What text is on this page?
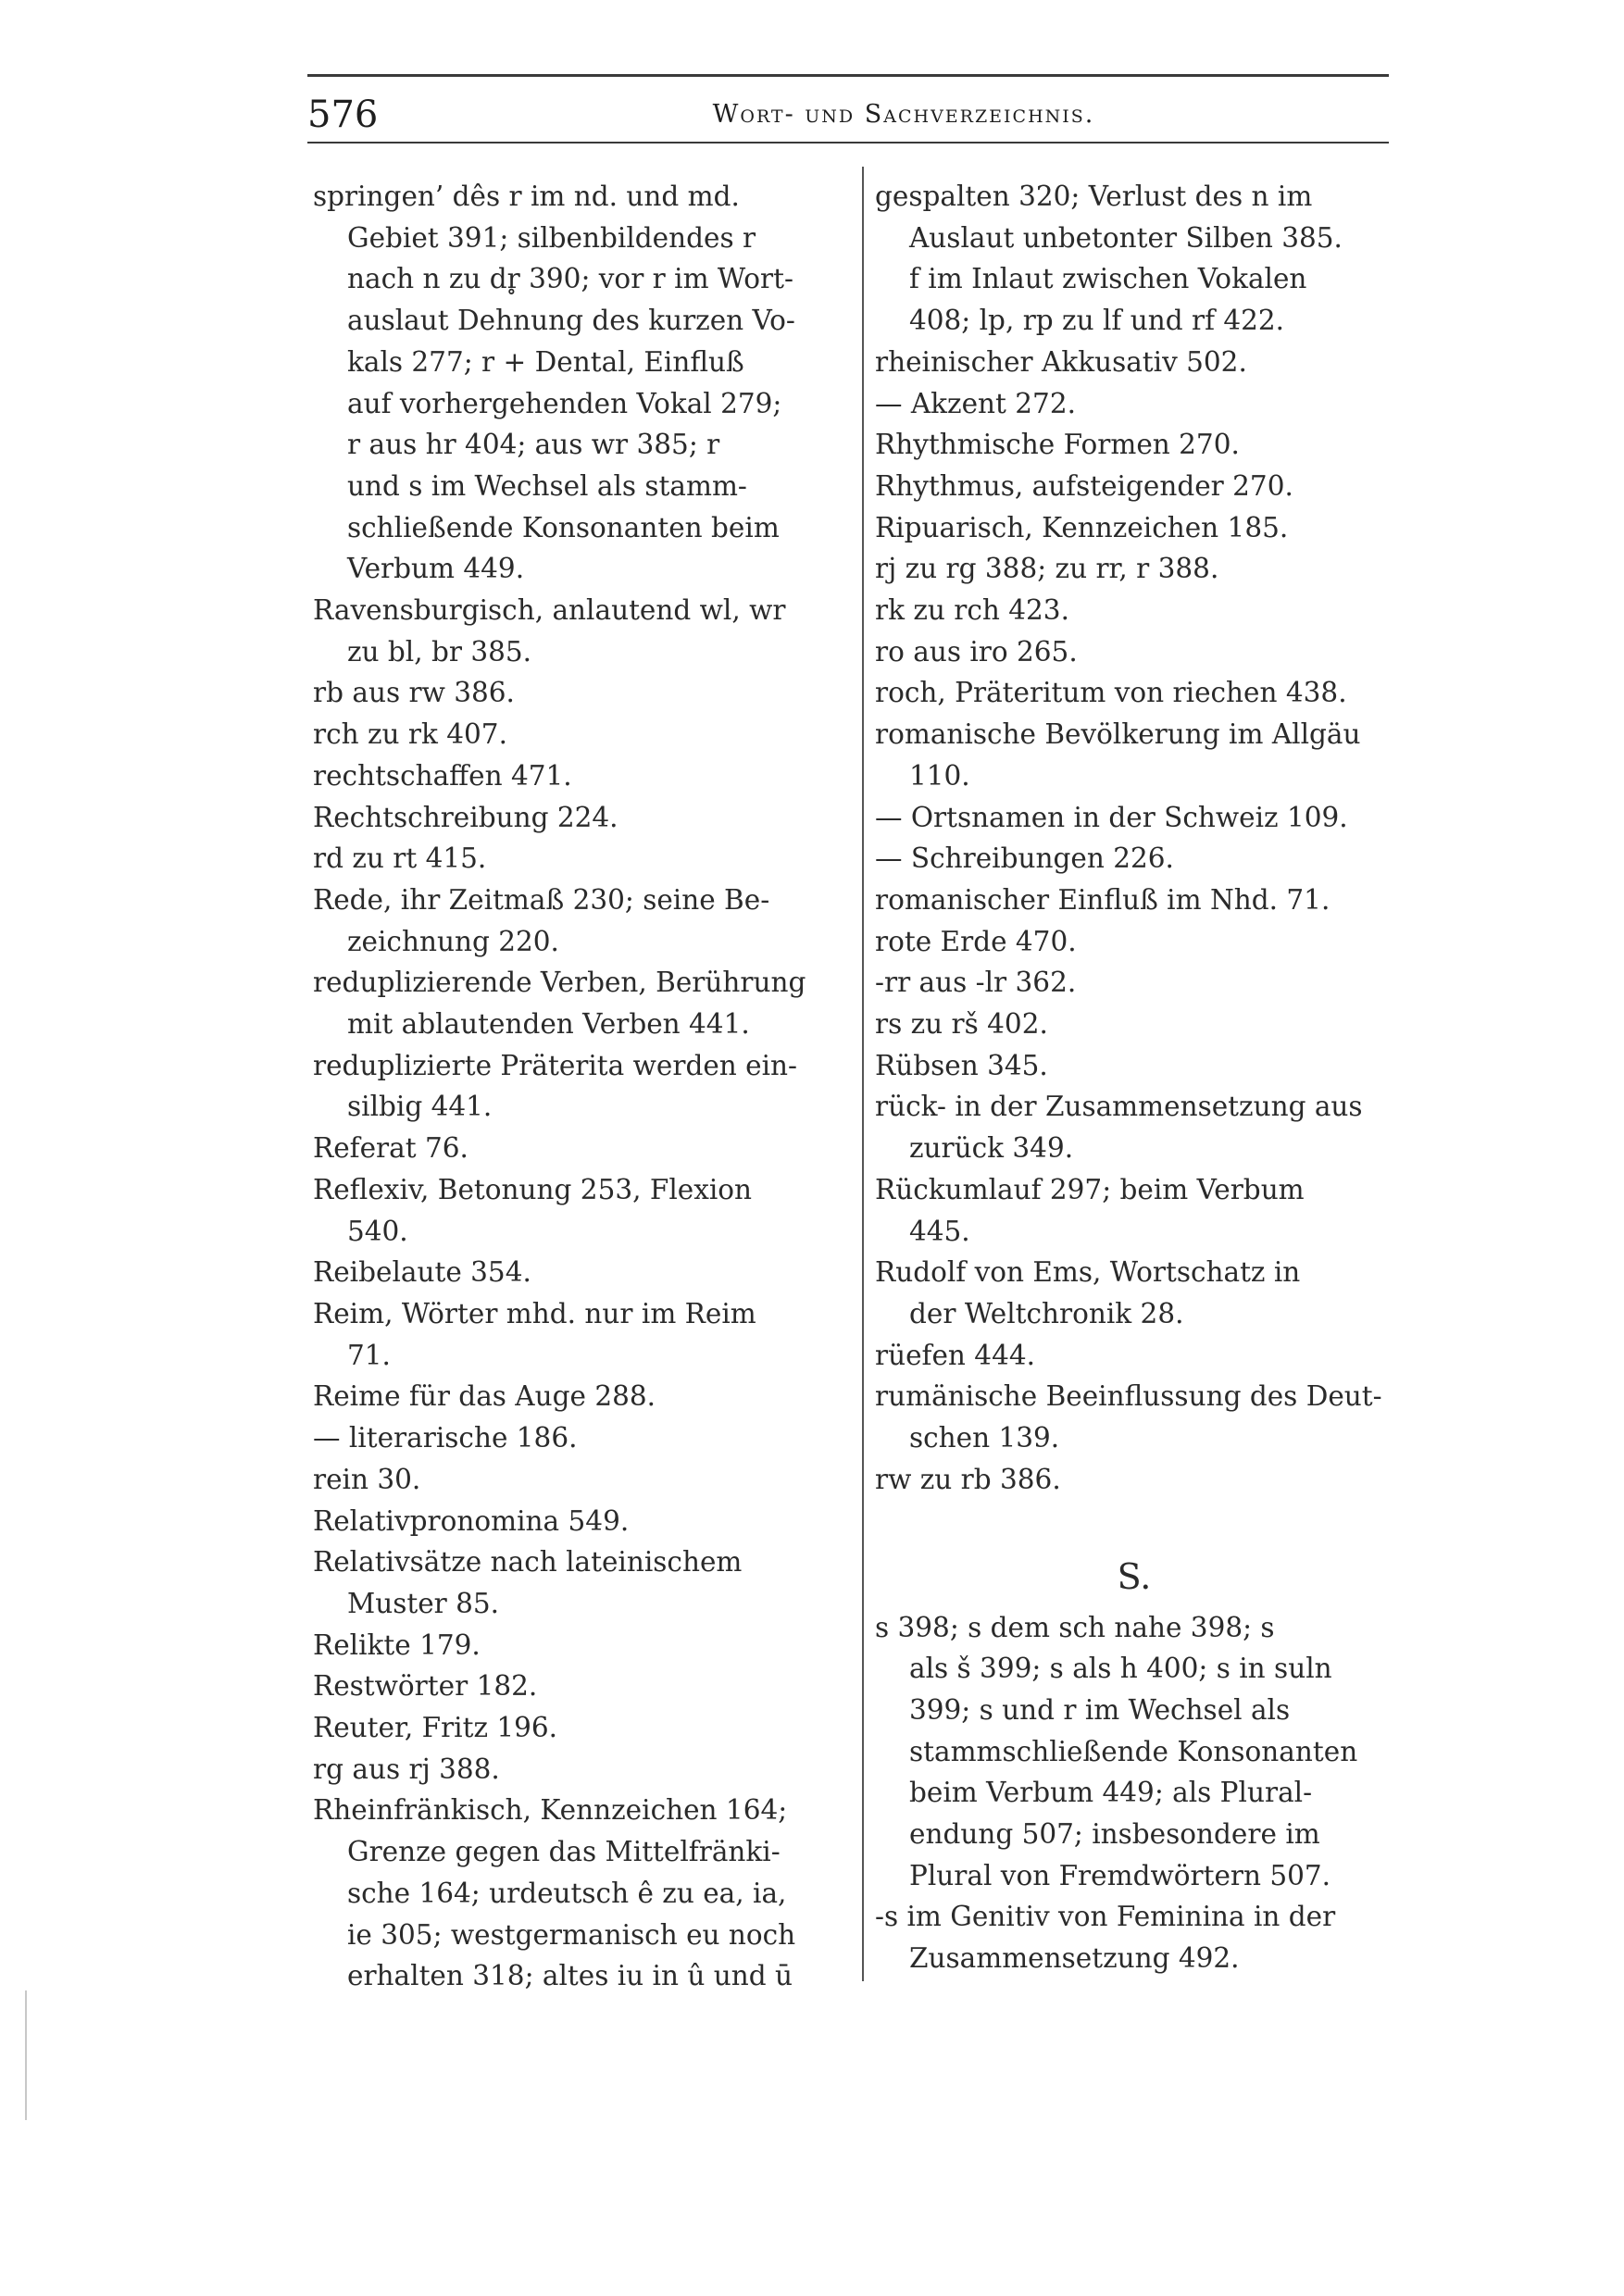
576	Wort- und Sachverzeichnis.

springen’ dês r im nd. und md.
Gebiet 391; silbenbildendes r
nach n zu dr̥ 390; vor r im Wort-
auslaut Dehnung des kurzen Vo-
kals 277; r + Dental, Einfluß
auf vorhergehenden Vokal 279;
r aus hr 404; aus wr 385; r
und s im Wechsel als stamm-
schließende Konsonanten beim
Verbum 449.

Ravensburgisch, anlautend wl, wr
zu bl, br 385.

rb aus rw 386.

rch zu rk 407.

rechtschaffen 471.

Rechtschreibung 224.

rd zu rt 415.

Rede, ihr Zeitmaß 230; seine Be-
zeichnung 220.

reduplizierende Verben, Berührung
mit ablautenden Verben 441.

reduplizierte Präterita werden ein-
silbig 441.

Referat 76.

Reflexiv, Betonung 253, Flexion
540.

Reibelaute 354.

Reim, Wörter mhd. nur im Reim
71.

Reime für das Auge 288.

— literarische 186.

rein 30.

Relativpronomina 549.

Relativsätze nach lateinischem
Muster 85.

Relikte 179.

Restwörter 182.

Reuter, Fritz 196.

rg aus rj 388.

Rheinfränkisch, Kennzeichen 164;
Grenze gegen das Mittelfränki-
sche 164; urdeutsch ê zu ea, ia,
ie 305; westgermanisch eu noch
erhalten 318; altes iu in û und ū

gespalten 320; Verlust des n im
Auslaut unbetonter Silben 385.
f im Inlaut zwischen Vokalen
408; lp, rp zu lf und rf 422.

rheinischer Akkusativ 502.

— Akzent 272.

Rhythmische Formen 270.

Rhythmus, aufsteigender 270.

Ripuarisch, Kennzeichen 185.

rj zu rg 388; zu rr, r 388.

rk zu rch 423.

ro aus iro 265.

roch, Präteritum von riechen 438.

romanische Bevölkerung im Allgäu
110.

— Ortsnamen in der Schweiz 109.

— Schreibungen 226.

romanischer Einfluß im Nhd. 71.

rote Erde 470.

-rr aus -lr 362.

rs zu rš 402.

Rübsen 345.

rück- in der Zusammensetzung aus
zurück 349.

Rückumlauf 297; beim Verbum
445.

Rudolf von Ems, Wortschatz in
der Weltchronik 28.

rüefen 444.

rumänische Beeinflussung des Deut-
schen 139.

rw zu rb 386.

S.

s 398; s dem sch nahe 398; s
als š 399; s als h 400; s in suln
399; s und r im Wechsel als
stammschließende Konsonanten
beim Verbum 449; als Plural-
endung 507; insbesondere im
Plural von Fremdwörtern 507.

-s im Genitiv von Feminina in der
Zusammensetzung 492.
